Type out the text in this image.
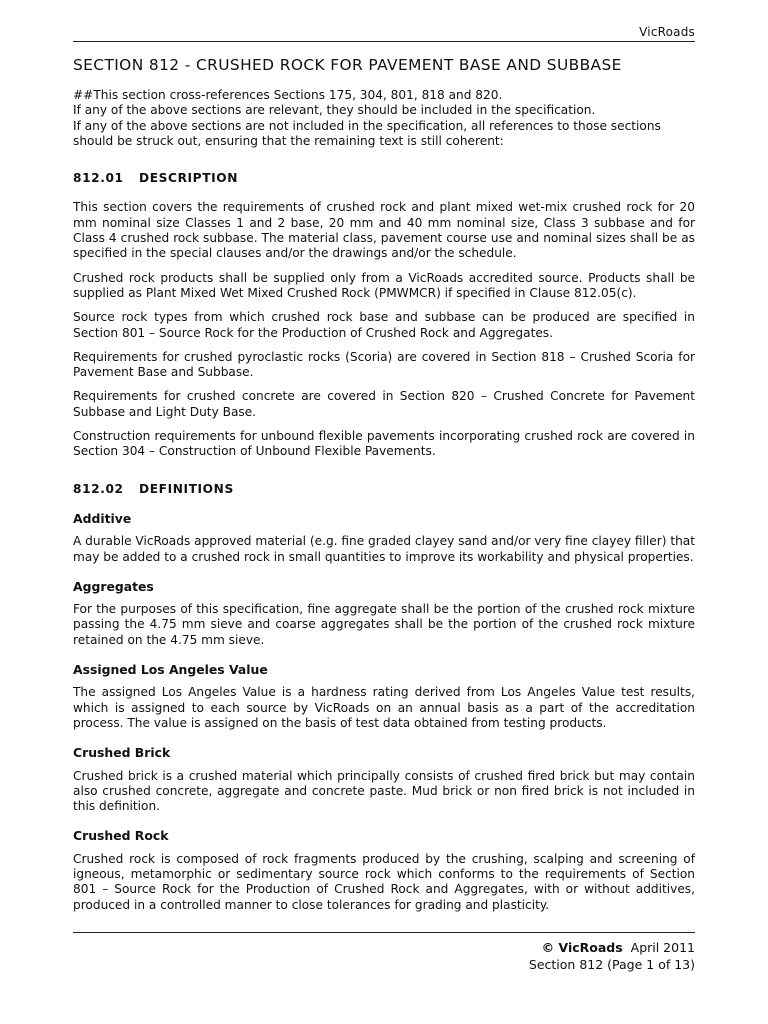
VicRoads
SECTION 812 - CRUSHED ROCK FOR PAVEMENT BASE AND SUBBASE

##This section cross-references Sections 175, 304, 801, 818 and 820.

If any of the above sections are relevant, they should be included in the specification.

If any of the above sections are not included in the specification, all references to those sections should be struck out, ensuring that the remaining text is still coherent:

812.01 DESCRIPTION

This section covers the requirements of crushed rock and plant mixed wet-mix crushed rock for 20 mm nominal size Classes 1 and 2 base, 20 mm and 40 mm nominal size, Class 3 subbase and for Class 4 crushed rock subbase. The material class, pavement course use and nominal sizes shall be as specified in the special clauses and/or the drawings and/or the schedule.

Crushed rock products shall be supplied only from a VicRoads accredited source. Products shall be supplied as Plant Mixed Wet Mixed Crushed Rock (PMWMCR) if specified in Clause 812.05(c).

Source rock types from which crushed rock base and subbase can be produced are specified in Section 801 – Source Rock for the Production of Crushed Rock and Aggregates.

Requirements for crushed pyroclastic rocks (Scoria) are covered in Section 818 – Crushed Scoria for Pavement Base and Subbase.

Requirements for crushed concrete are covered in Section 820 – Crushed Concrete for Pavement Subbase and Light Duty Base.

Construction requirements for unbound flexible pavements incorporating crushed rock are covered in Section 304 – Construction of Unbound Flexible Pavements.

812.02 DEFINITIONS
Additive

A durable VicRoads approved material (e.g. fine graded clayey sand and/or very fine clayey filler) that may be added to a crushed rock in small quantities to improve its workability and physical properties.

Aggregates

For the purposes of this specification, fine aggregate shall be the portion of the crushed rock mixture passing the 4.75 mm sieve and coarse aggregates shall be the portion of the crushed rock mixture retained on the 4.75 mm sieve.

Assigned Los Angeles Value

The assigned Los Angeles Value is a hardness rating derived from Los Angeles Value test results, which is assigned to each source by VicRoads on an annual basis as a part of the accreditation process. The value is assigned on the basis of test data obtained from testing products.

Crushed Brick

Crushed brick is a crushed material which principally consists of crushed fired brick but may contain also crushed concrete, aggregate and concrete paste. Mud brick or non fired brick is not included in this definition.

Crushed Rock

Crushed rock is composed of rock fragments produced by the crushing, scalping and screening of igneous, metamorphic or sedimentary source rock which conforms to the requirements of Section 801 – Source Rock for the Production of Crushed Rock and Aggregates, with or without additives, produced in a controlled manner to close tolerances for grading and plasticity.

© VicRoads April 2011
Section 812 (Page 1 of 13)
